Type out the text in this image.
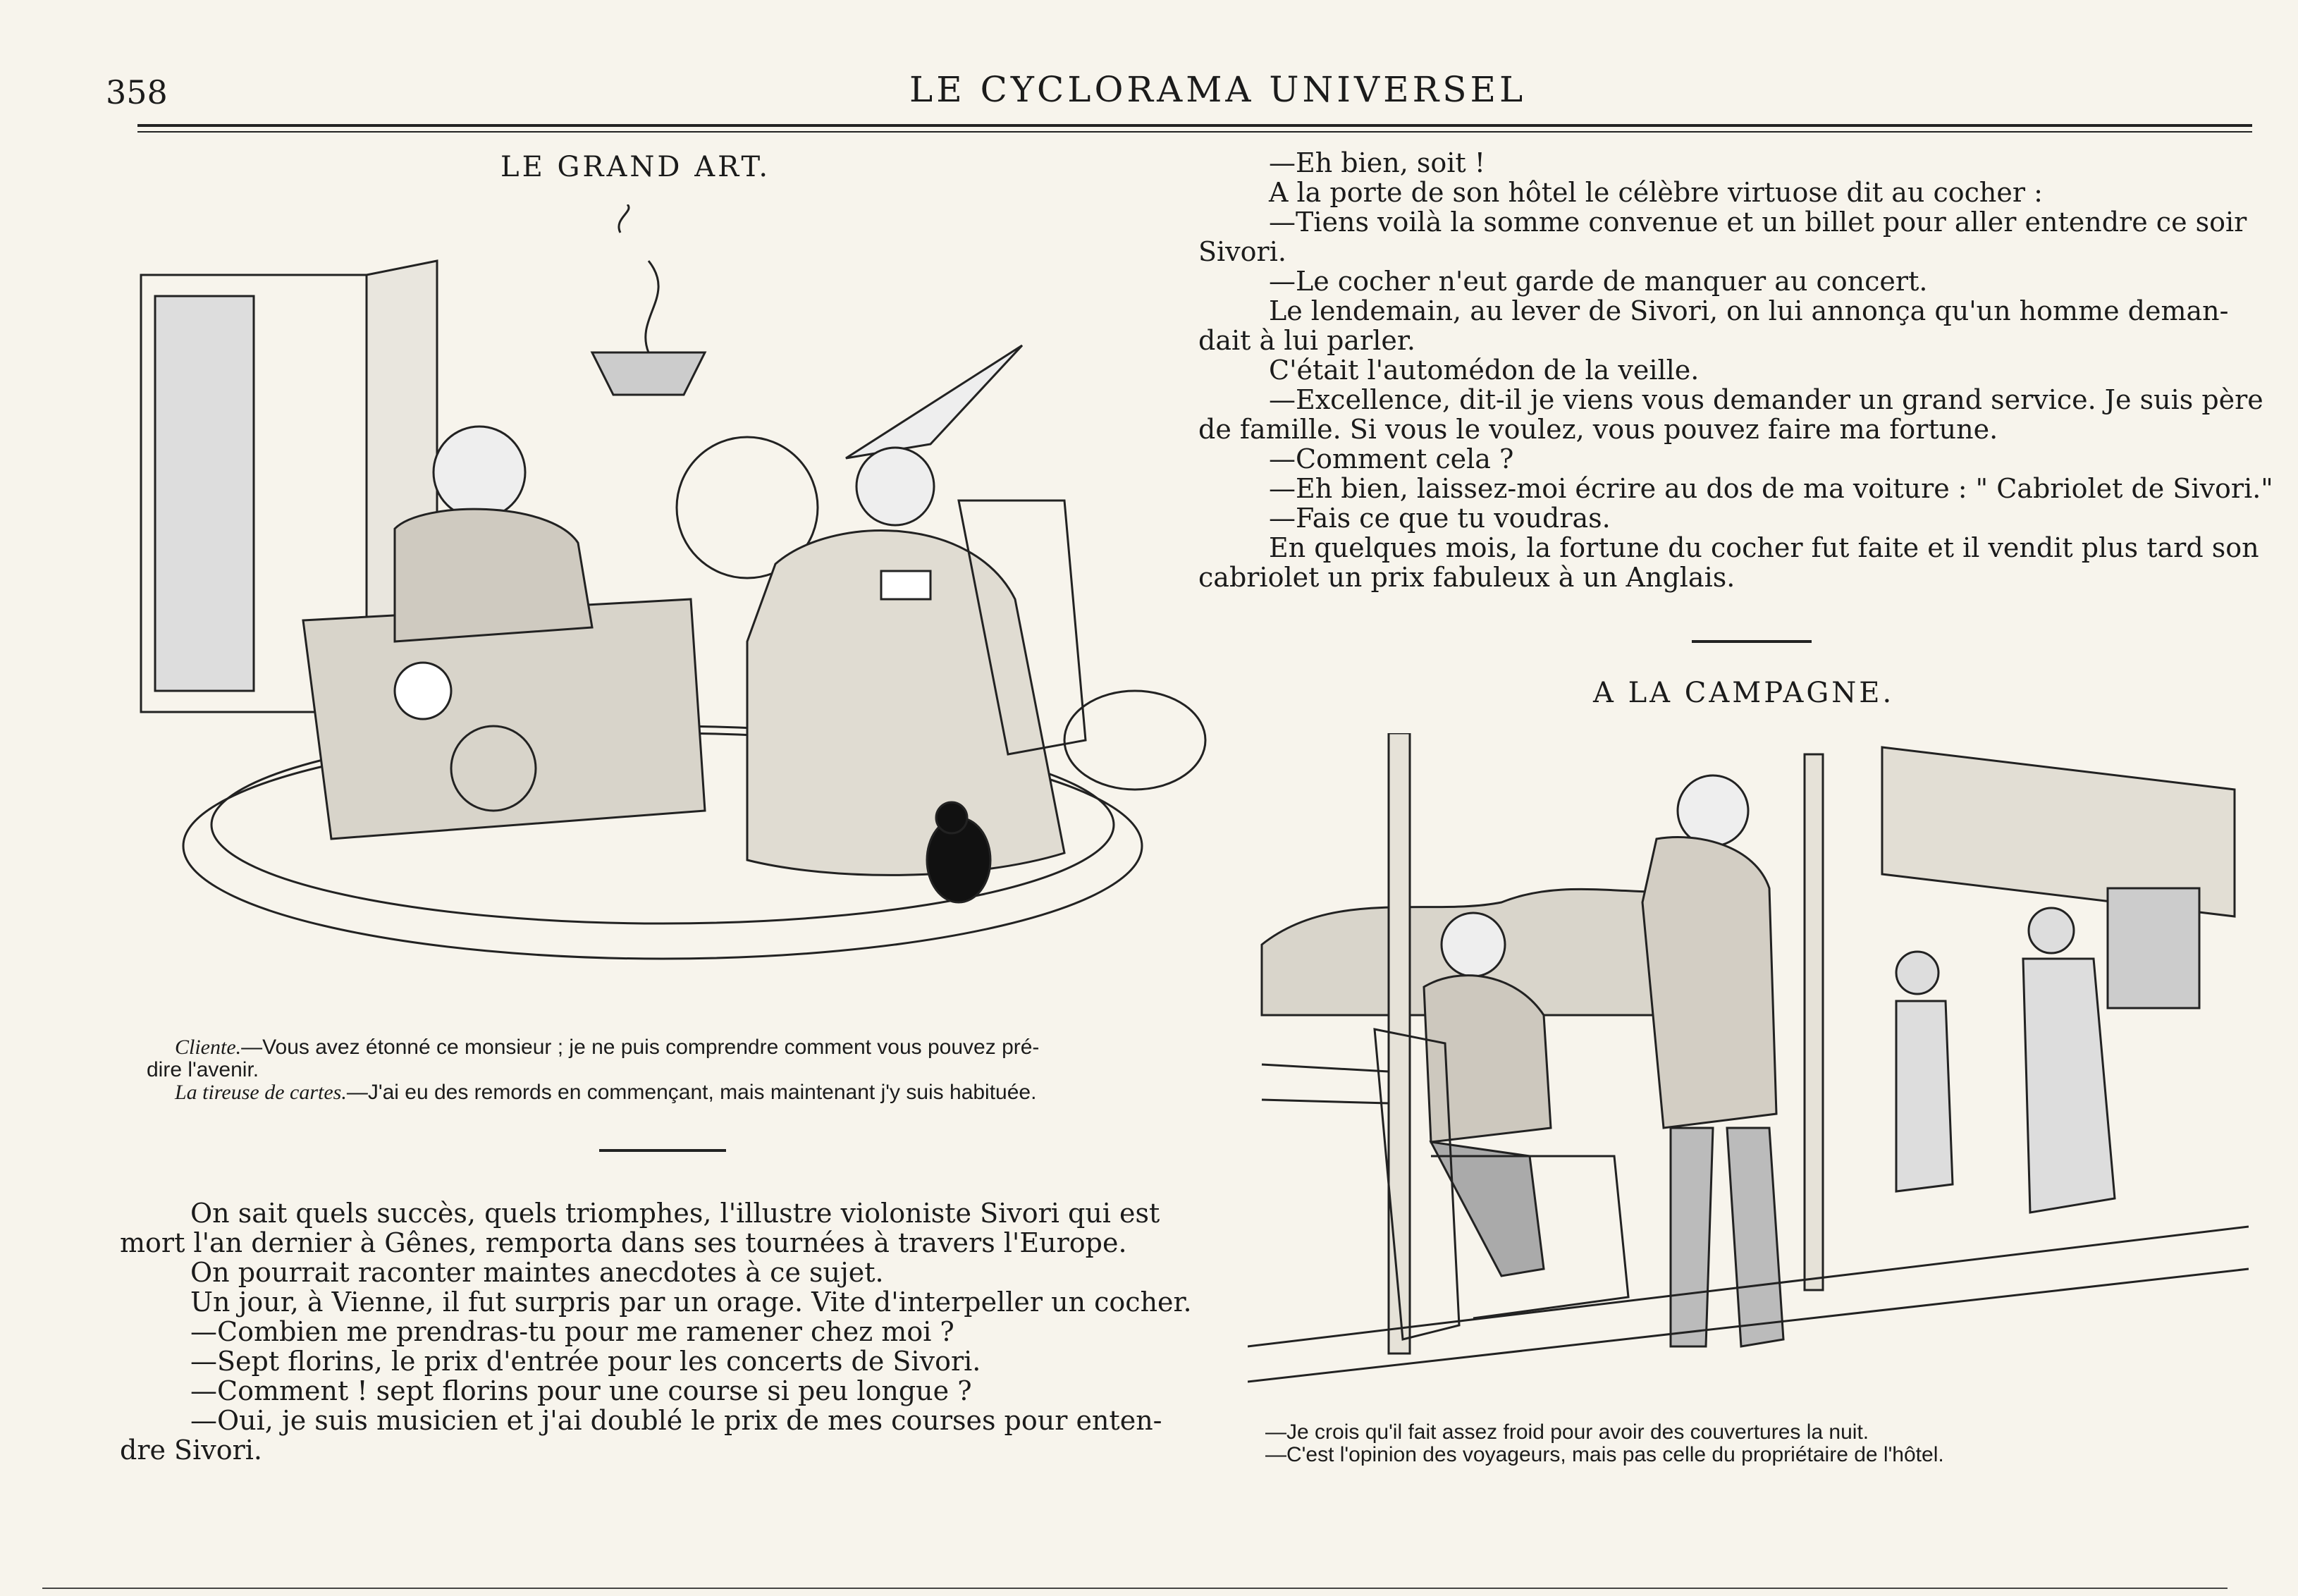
358	LE CYCLORAMA UNIVERSEL
LE GRAND ART.
Cliente.—Vous avez étonné ce monsieur ; je ne puis comprendre comment vous pouvez pré-
dire l'avenir.
La tireuse de cartes.—J'ai eu des remords en commençant, mais maintenant j'y suis habituée.
On sait quels succès, quels triomphes, l'illustre violoniste Sivori qui est
mort l'an dernier à Gênes, remporta dans ses tournées à travers l'Europe.
On pourrait raconter maintes anecdotes à ce sujet.
Un jour, à Vienne, il fut surpris par un orage. Vite d'interpeller un cocher.
—Combien me prendras-tu pour me ramener chez moi ?
—Sept florins, le prix d'entrée pour les concerts de Sivori.
—Comment ! sept florins pour une course si peu longue ?
—Oui, je suis musicien et j'ai doublé le prix de mes courses pour enten-
dre Sivori.
—Eh bien, soit !
A la porte de son hôtel le célèbre virtuose dit au cocher :
—Tiens voilà la somme convenue et un billet pour aller entendre ce soir
Sivori.
—Le cocher n'eut garde de manquer au concert.
Le lendemain, au lever de Sivori, on lui annonça qu'un homme deman-
dait à lui parler.
C'était l'automédon de la veille.
—Excellence, dit-il je viens vous demander un grand service. Je suis père
de famille. Si vous le voulez, vous pouvez faire ma fortune.
—Comment cela ?
—Eh bien, laissez-moi écrire au dos de ma voiture : " Cabriolet de Sivori."
—Fais ce que tu voudras.
En quelques mois, la fortune du cocher fut faite et il vendit plus tard son
cabriolet un prix fabuleux à un Anglais.
A LA CAMPAGNE.
—Je crois qu'il fait assez froid pour avoir des couvertures la nuit.
—C'est l'opinion des voyageurs, mais pas celle du propriétaire de l'hôtel.
